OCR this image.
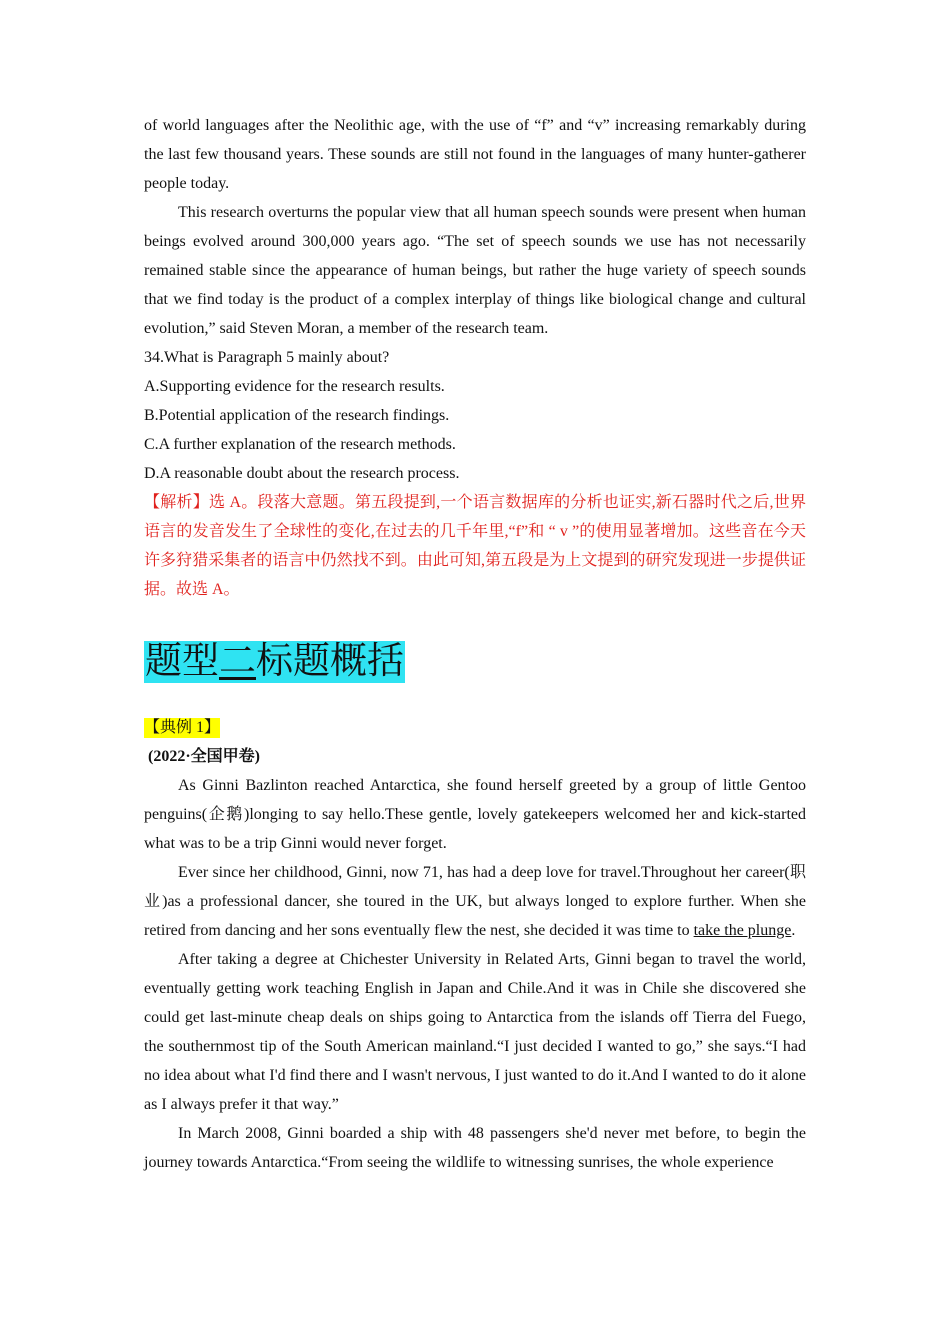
of world languages after the Neolithic age, with the use of “f” and “v” increasing remarkably during the last few thousand years. These sounds are still not found in the languages of many hunter-gatherer people today.

This research overturns the popular view that all human speech sounds were present when human beings evolved around 300,000 years ago. “The set of speech sounds we use has not necessarily remained stable since the appearance of human beings, but rather the huge variety of speech sounds that we find today is the product of a complex interplay of things like biological change and cultural evolution,” said Steven Moran, a member of the research team.

34.What is Paragraph 5 mainly about?

A.Supporting evidence for the research results.

B.Potential application of the research findings.

C.A further explanation of the research methods.

D.A reasonable doubt about the research process.

【解析】选 A。段落大意题。第五段提到,一个语言数据库的分析也证实,新石器时代之后,世界语言的发音发生了全球性的变化,在过去的几千年里,“f”和 “ v ”的使用显著增加。这些音在今天许多狩猎采集者的语言中仍然找不到。由此可知,第五段是为上文提到的研究发现进一步提供证据。故选 A。

题型二标题概括
【典例 1】

(2022·全国甲卷)

As Ginni Bazlinton reached Antarctica, she found herself greeted by a group of little Gentoo penguins(企鹅)longing to say hello.These gentle, lovely gatekeepers welcomed her and kick-started what was to be a trip Ginni would never forget.

Ever since her childhood, Ginni, now 71, has had a deep love for travel.Throughout her career(职业)as a professional dancer, she toured in the UK, but always longed to explore further. When she retired from dancing and her sons eventually flew the nest, she decided it was time to take the plunge.

After taking a degree at Chichester University in Related Arts, Ginni began to travel the world, eventually getting work teaching English in Japan and Chile.And it was in Chile she discovered she could get last-minute cheap deals on ships going to Antarctica from the islands off Tierra del Fuego, the southernmost tip of the South American mainland.“I just decided I wanted to go,” she says.“I had no idea about what I'd find there and I wasn't nervous, I just wanted to do it.And I wanted to do it alone as I always prefer it that way.”

In March 2008, Ginni boarded a ship with 48 passengers she'd never met before, to begin the journey towards Antarctica.“From seeing the wildlife to witnessing sunrises, the whole experience
